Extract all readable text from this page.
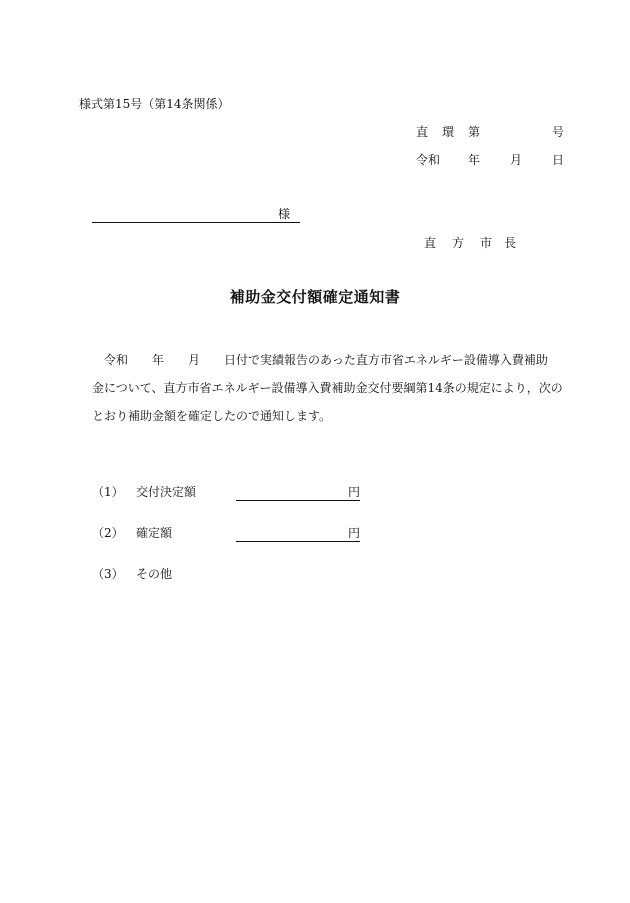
様式第15号（第14条関係）
直 環 第	号
令和 年 月 日
様
直 方 市 長
補助金交付額確定通知書
令和　　年　　月　　日付で実績報告のあった直方市省エネルギー設備導入費補助
金について、直方市省エネルギー設備導入費補助金交付要綱第14条の規定により，次の
とおり補助金額を確定したので通知します。
（1） 交付決定額	円
（2） 確定額	円
（3） その他
